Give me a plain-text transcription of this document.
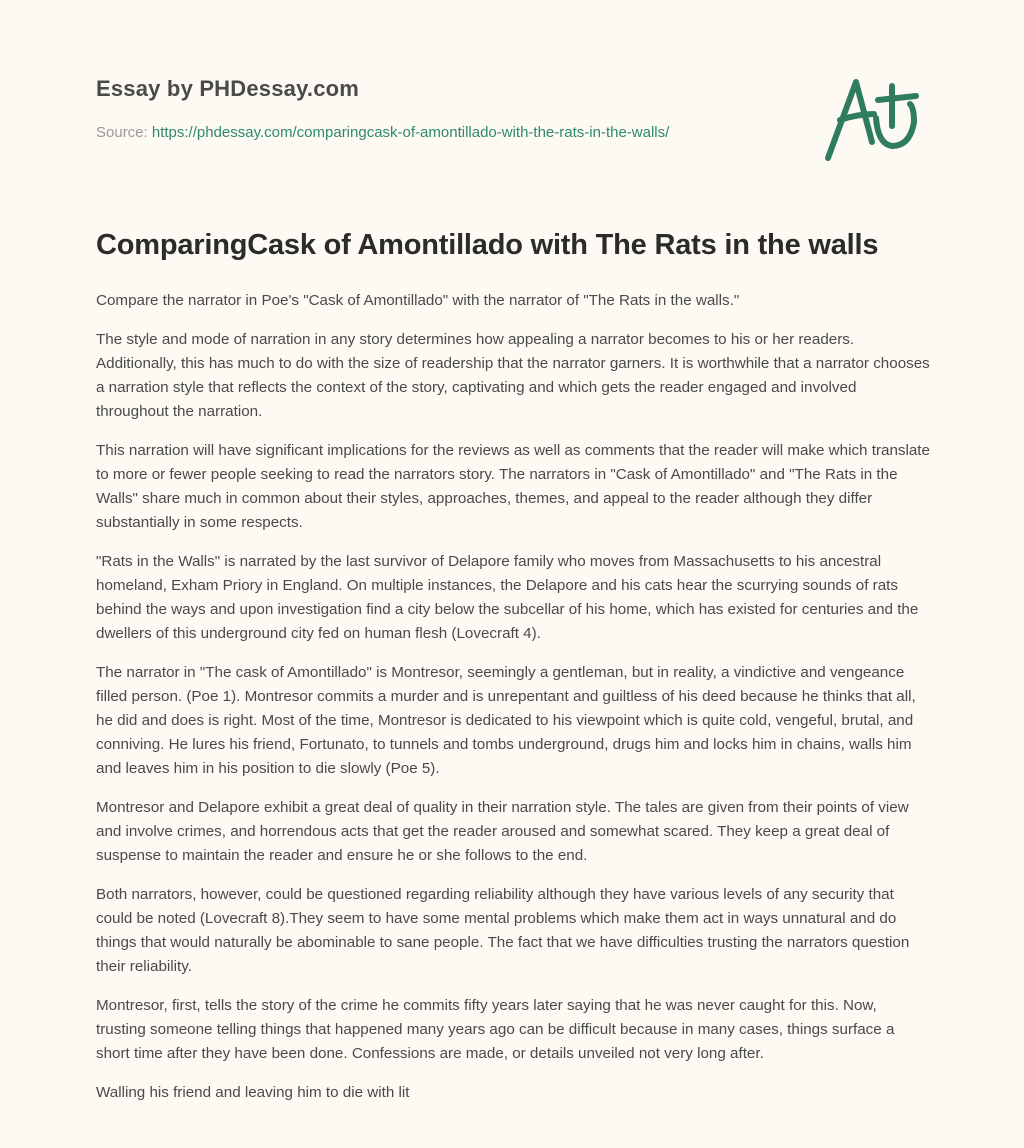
Essay by PHDessay.com
Source: https://phdessay.com/comparingcask-of-amontillado-with-the-rats-in-the-walls/
ComparingCask of Amontillado with The Rats in the walls

Compare the narrator in Poe's "Cask of Amontillado" with the narrator of "The Rats in the walls."

The style and mode of narration in any story determines how appealing a narrator becomes to his or her readers. Additionally, this has much to do with the size of readership that the narrator garners. It is worthwhile that a narrator chooses a narration style that reflects the context of the story, captivating and which gets the reader engaged and involved throughout the narration.

This narration will have significant implications for the reviews as well as comments that the reader will make which translate to more or fewer people seeking to read the narrators story. The narrators in "Cask of Amontillado" and "The Rats in the Walls" share much in common about their styles, approaches, themes, and appeal to the reader although they differ substantially in some respects.

"Rats in the Walls" is narrated by the last survivor of Delapore family who moves from Massachusetts to his ancestral homeland, Exham Priory in England. On multiple instances, the Delapore and his cats hear the scurrying sounds of rats behind the ways and upon investigation find a city below the subcellar of his home, which has existed for centuries and the dwellers of this underground city fed on human flesh (Lovecraft 4).

The narrator in "The cask of Amontillado" is Montresor, seemingly a gentleman, but in reality, a vindictive and vengeance filled person. (Poe 1). Montresor commits a murder and is unrepentant and guiltless of his deed because he thinks that all, he did and does is right. Most of the time, Montresor is dedicated to his viewpoint which is quite cold, vengeful, brutal, and conniving. He lures his friend, Fortunato, to tunnels and tombs underground, drugs him and locks him in chains, walls him and leaves him in his position to die slowly (Poe 5).

Montresor and Delapore exhibit a great deal of quality in their narration style. The tales are given from their points of view and involve crimes, and horrendous acts that get the reader aroused and somewhat scared. They keep a great deal of suspense to maintain the reader and ensure he or she follows to the end.

Both narrators, however, could be questioned regarding reliability although they have various levels of any security that could be noted (Lovecraft 8).They seem to have some mental problems which make them act in ways unnatural and do things that would naturally be abominable to sane people. The fact that we have difficulties trusting the narrators question their reliability.

Montresor, first, tells the story of the crime he commits fifty years later saying that he was never caught for this. Now, trusting someone telling things that happened many years ago can be difficult because in many cases, things surface a short time after they have been done. Confessions are made, or details unveiled not very long after.

Walling his friend and leaving him to die with lit
